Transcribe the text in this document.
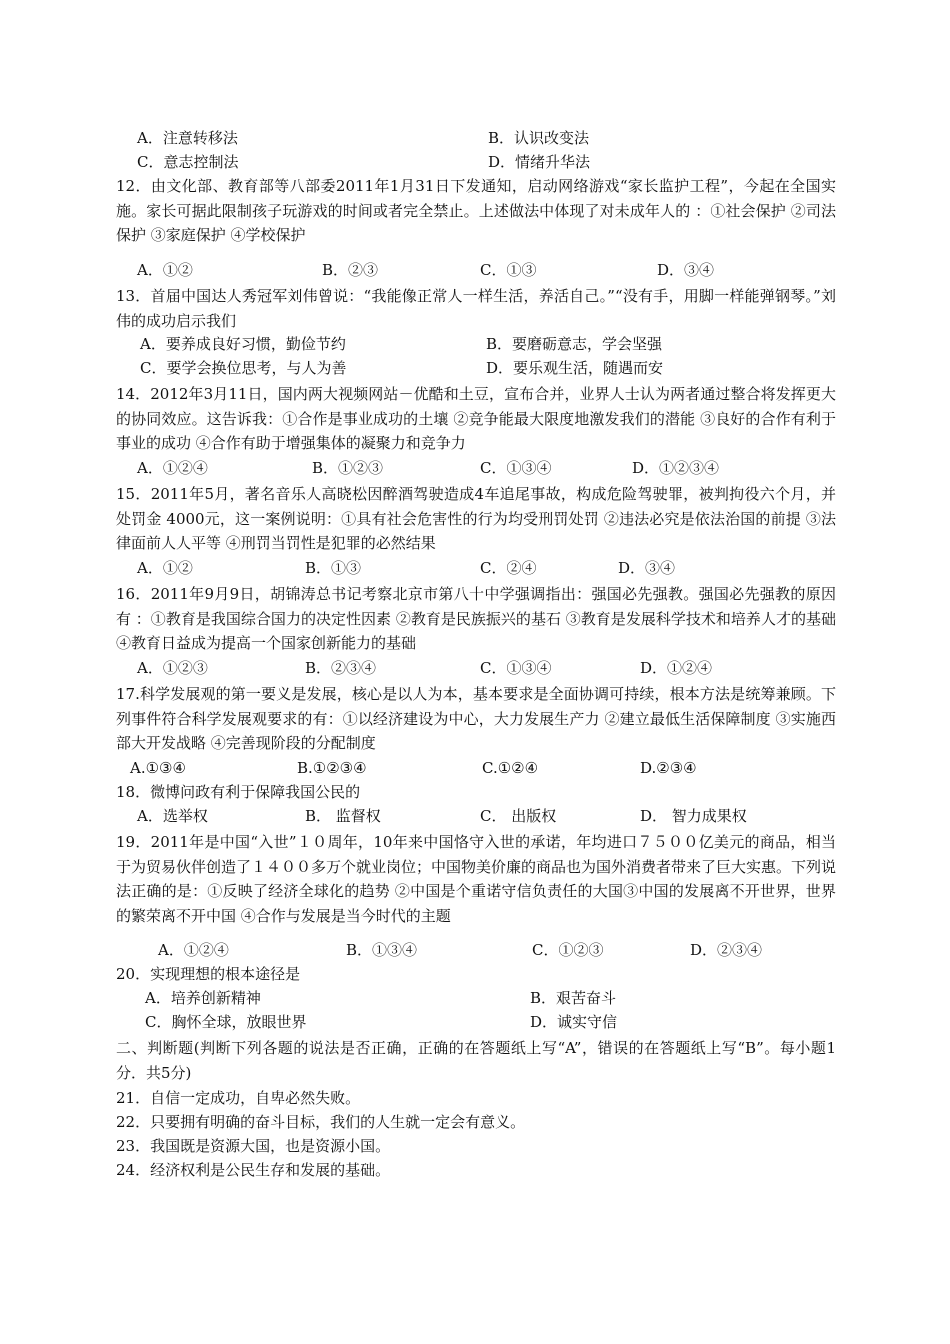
A．注意转移法	B．认识改变法
C．意志控制法	D．情绪升华法
12．由文化部、教育部等八部委2011年1月31日下发通知，启动网络游戏“家长监护工程”，今起在全国实施。家长可据此限制孩子玩游戏的时间或者完全禁止。上述做法中体现了对未成年人的 ：①社会保护 ②司法保护 ③家庭保护 ④学校保护
A．①②	B．②③	C．①③	D．③④
13．首届中国达人秀冠军刘伟曾说：“我能像正常人一样生活，养活自己。”“没有手，用脚一样能弹钢琴。”刘伟的成功启示我们
A．要养成良好习惯，勤俭节约	B．要磨砺意志，学会坚强
C．要学会换位思考，与人为善	D．要乐观生活，随遇而安
14．2012年3月11日，国内两大视频网站－优酷和土豆，宣布合并，业界人士认为两者通过整合将发挥更大的协同效应。这告诉我：①合作是事业成功的土壤 ②竞争能最大限度地激发我们的潜能 ③良好的合作有利于事业的成功 ④合作有助于增强集体的凝聚力和竞争力
A．①②④	B．①②③	C．①③④	D．①②③④
15．2011年5月，著名音乐人高晓松因醉酒驾驶造成4车追尾事故，构成危险驾驶罪，被判拘役六个月，并处罚金 4000元，这一案例说明：①具有社会危害性的行为均受刑罚处罚 ②违法必究是依法治国的前提 ③法律面前人人平等 ④刑罚当罚性是犯罪的必然结果
A．①②	B．①③	C．②④	D．③④
16．2011年9月9日，胡锦涛总书记考察北京市第八十中学强调指出：强国必先强教。强国必先强教的原因有 ：①教育是我国综合国力的决定性因素 ②教育是民族振兴的基石 ③教育是发展科学技术和培养人才的基础 ④教育日益成为提高一个国家创新能力的基础
A．①②③	B．②③④	C．①③④	D．①②④
17.科学发展观的第一要义是发展，核心是以人为本，基本要求是全面协调可持续，根本方法是统筹兼顾。下列事件符合科学发展观要求的有：①以经济建设为中心，大力发展生产力 ②建立最低生活保障制度 ③实施西部大开发战略 ④完善现阶段的分配制度
A.①③④	B.①②③④	C.①②④	D.②③④
18．微博问政有利于保障我国公民的
A．选举权	B． 监督权	C． 出版权	D． 智力成果权
19．2011年是中国“入世”１０周年，10年来中国恪守入世的承诺，年均进口７５００亿美元的商品，相当于为贸易伙伴创造了１４００多万个就业岗位；中国物美价廉的商品也为国外消费者带来了巨大实惠。下列说法正确的是：①反映了经济全球化的趋势 ②中国是个重诺守信负责任的大国③中国的发展离不开世界，世界的繁荣离不开中国 ④合作与发展是当今时代的主题
A．①②④	B．①③④	C．①②③	D．②③④
20．实现理想的根本途径是
A．培养创新精神	B．艰苦奋斗
C．胸怀全球，放眼世界	D．诚实守信
二、判断题(判断下列各题的说法是否正确，正确的在答题纸上写“A”，错误的在答题纸上写“B”。每小题1分．共5分)
21．自信一定成功，自卑必然失败。
22．只要拥有明确的奋斗目标，我们的人生就一定会有意义。
23．我国既是资源大国，也是资源小国。
24．经济权利是公民生存和发展的基础。
